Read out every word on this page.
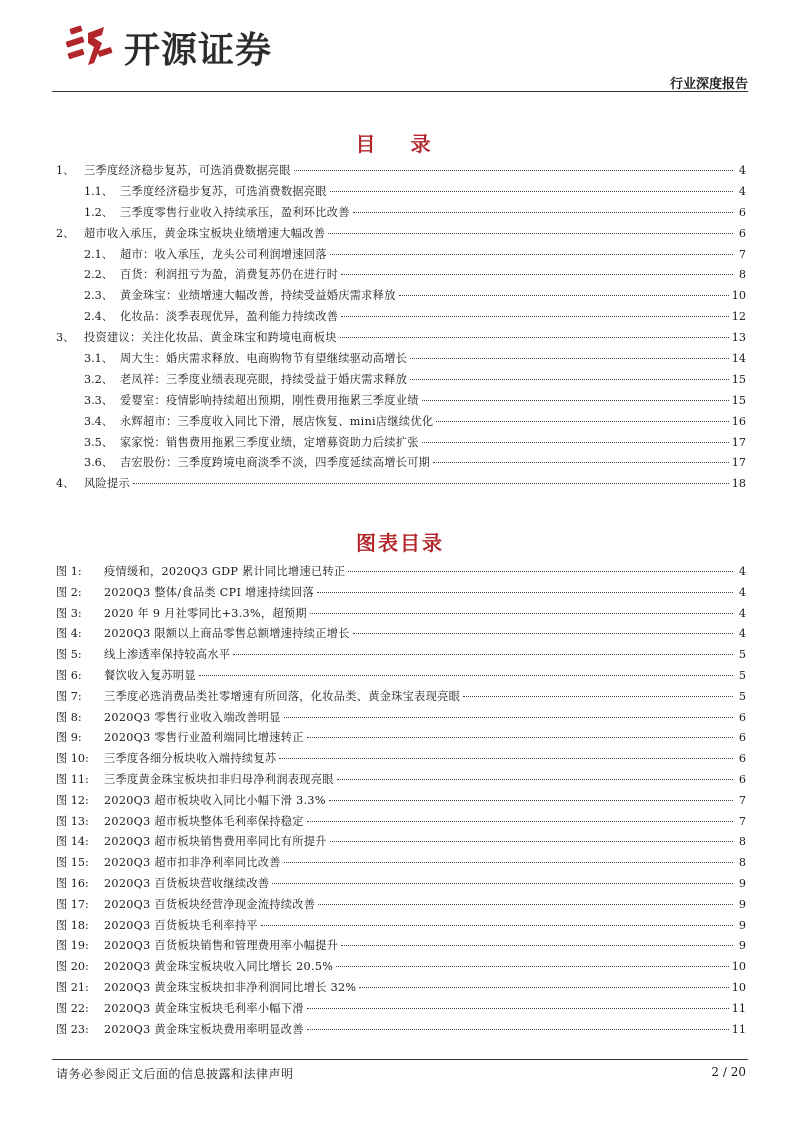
开源证券
行业深度报告
目 录
1、 三季度经济稳步复苏，可选消费数据亮眼	4
1.1、 三季度经济稳步复苏，可选消费数据亮眼	4
1.2、 三季度零售行业收入持续承压，盈利环比改善	6
2、 超市收入承压，黄金珠宝板块业绩增速大幅改善	6
2.1、 超市：收入承压，龙头公司利润增速回落	7
2.2、 百货：利润扭亏为盈，消费复苏仍在进行时	8
2.3、 黄金珠宝：业绩增速大幅改善，持续受益婚庆需求释放	10
2.4、 化妆品：淡季表现优异，盈利能力持续改善	12
3、 投资建议：关注化妆品、黄金珠宝和跨境电商板块	13
3.1、 周大生：婚庆需求释放、电商购物节有望继续驱动高增长	14
3.2、 老凤祥：三季度业绩表现亮眼，持续受益于婚庆需求释放	15
3.3、 爱婴室：疫情影响持续超出预期，刚性费用拖累三季度业绩	15
3.4、 永辉超市：三季度收入同比下滑，展店恢复、mini店继续优化	16
3.5、 家家悦：销售费用拖累三季度业绩，定增募资助力后续扩张	17
3.6、 吉宏股份：三季度跨境电商淡季不淡，四季度延续高增长可期	17
4、 风险提示	18
图表目录
图 1:	疫情缓和，2020Q3 GDP 累计同比增速已转正	4
图 2:	2020Q3 整体/食品类 CPI 增速持续回落	4
图 3:	2020 年 9 月社零同比+3.3%，超预期	4
图 4:	2020Q3 限额以上商品零售总额增速持续正增长	4
图 5:	线上渗透率保持较高水平	5
图 6:	餐饮收入复苏明显	5
图 7:	三季度必选消费品类社零增速有所回落，化妆品类、黄金珠宝表现亮眼	5
图 8:	2020Q3 零售行业收入端改善明显	6
图 9:	2020Q3 零售行业盈利端同比增速转正	6
图 10:	三季度各细分板块收入端持续复苏	6
图 11:	三季度黄金珠宝板块扣非归母净利润表现亮眼	6
图 12:	2020Q3 超市板块收入同比小幅下滑 3.3%	7
图 13:	2020Q3 超市板块整体毛利率保持稳定	7
图 14:	2020Q3 超市板块销售费用率同比有所提升	8
图 15:	2020Q3 超市扣非净利率同比改善	8
图 16:	2020Q3 百货板块营收继续改善	9
图 17:	2020Q3 百货板块经营净现金流持续改善	9
图 18:	2020Q3 百货板块毛利率持平	9
图 19:	2020Q3 百货板块销售和管理费用率小幅提升	9
图 20:	2020Q3 黄金珠宝板块收入同比增长 20.5%	10
图 21:	2020Q3 黄金珠宝板块扣非净利润同比增长 32%	10
图 22:	2020Q3 黄金珠宝板块毛利率小幅下滑	11
图 23:	2020Q3 黄金珠宝板块费用率明显改善	11
请务必参阅正文后面的信息披露和法律声明	2 / 20
